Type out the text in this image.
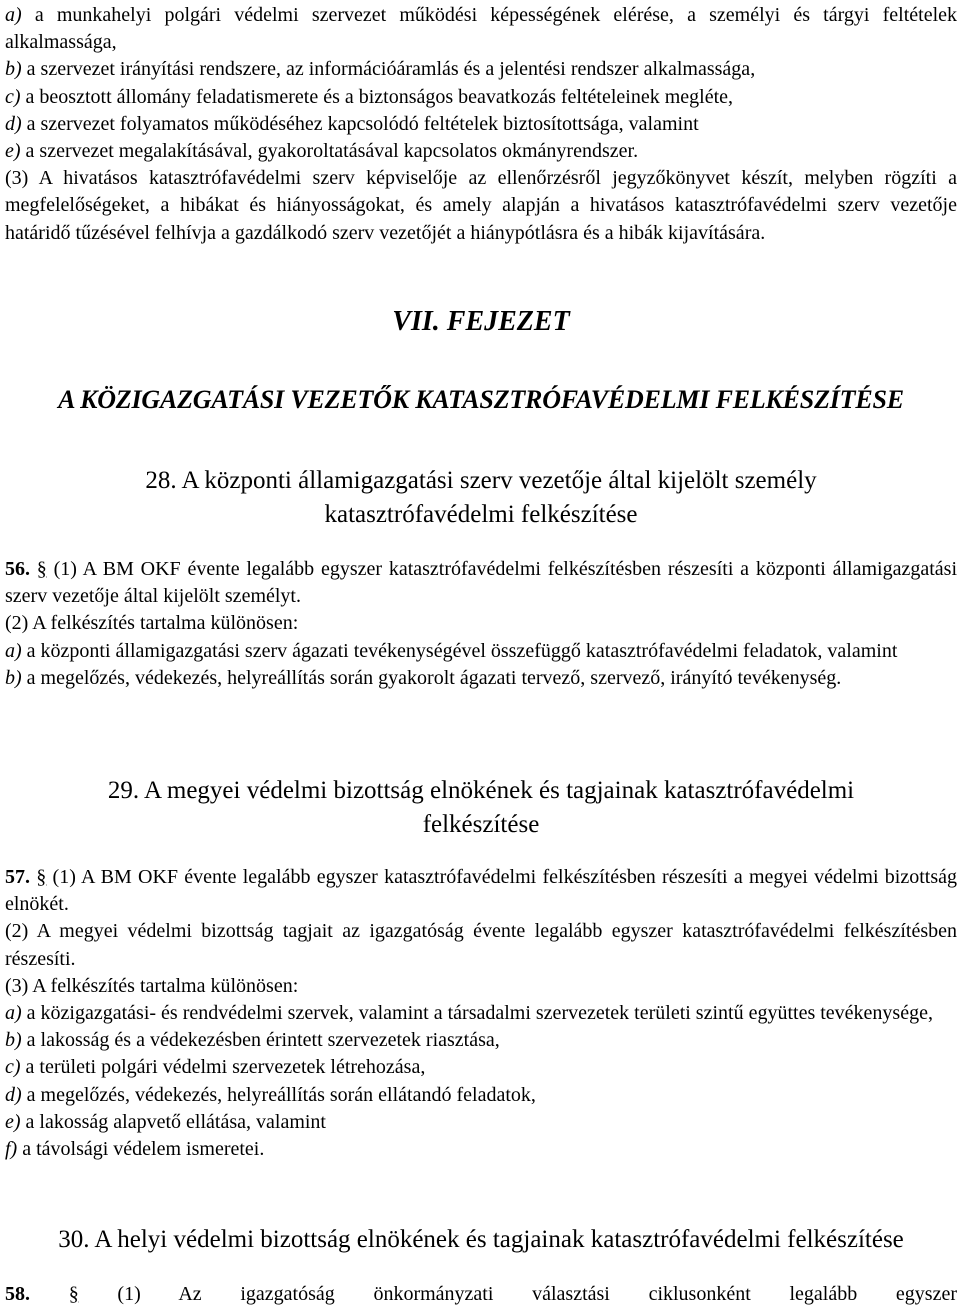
a) a munkahelyi polgári védelmi szervezet működési képességének elérése, a személyi és tárgyi feltételek alkalmassága,

b) a szervezet irányítási rendszere, az információáramlás és a jelentési rendszer alkalmassága,

c) a beosztott állomány feladatismerete és a biztonságos beavatkozás feltételeinek megléte,

d) a szervezet folyamatos működéséhez kapcsolódó feltételek biztosítottsága, valamint

e) a szervezet megalakításával, gyakoroltatásával kapcsolatos okmányrendszer.

(3) A hivatásos katasztrófavédelmi szerv képviselője az ellenőrzésről jegyzőkönyvet készít, melyben rögzíti a megfelelőségeket, a hibákat és hiányosságokat, és amely alapján a hivatásos katasztrófavédelmi szerv vezetője határidő tűzésével felhívja a gazdálkodó szerv vezetőjét a hiánypótlásra és a hibák kijavítására.

VII. FEJEZET
A KÖZIGAZGATÁSI VEZETŐK KATASZTRÓFAVÉDELMI FELKÉSZÍTÉSE
28. A központi államigazgatási szerv vezetője által kijelölt személy
katasztrófavédelmi felkészítése

56. § (1) A BM OKF évente legalább egyszer katasztrófavédelmi felkészítésben részesíti a központi államigazgatási szerv vezetője által kijelölt személyt.

(2) A felkészítés tartalma különösen:

a) a központi államigazgatási szerv ágazati tevékenységével összefüggő katasztrófavédelmi feladatok, valamint

b) a megelőzés, védekezés, helyreállítás során gyakorolt ágazati tervező, szervező, irányító tevékenység.

29. A megyei védelmi bizottság elnökének és tagjainak katasztrófavédelmi
felkészítése

57. § (1) A BM OKF évente legalább egyszer katasztrófavédelmi felkészítésben részesíti a megyei védelmi bizottság elnökét.

(2) A megyei védelmi bizottság tagjait az igazgatóság évente legalább egyszer katasztrófavédelmi felkészítésben részesíti.

(3) A felkészítés tartalma különösen:

a) a közigazgatási- és rendvédelmi szervek, valamint a társadalmi szervezetek területi szintű együttes tevékenysége,

b) a lakosság és a védekezésben érintett szervezetek riasztása,

c) a területi polgári védelmi szervezetek létrehozása,

d) a megelőzés, védekezés, helyreállítás során ellátandó feladatok,

e) a lakosság alapvető ellátása, valamint

f) a távolsági védelem ismeretei.

30. A helyi védelmi bizottság elnökének és tagjainak katasztrófavédelmi felkészítése

58. § (1) Az igazgatóság önkormányzati választási ciklusonként legalább egyszer
